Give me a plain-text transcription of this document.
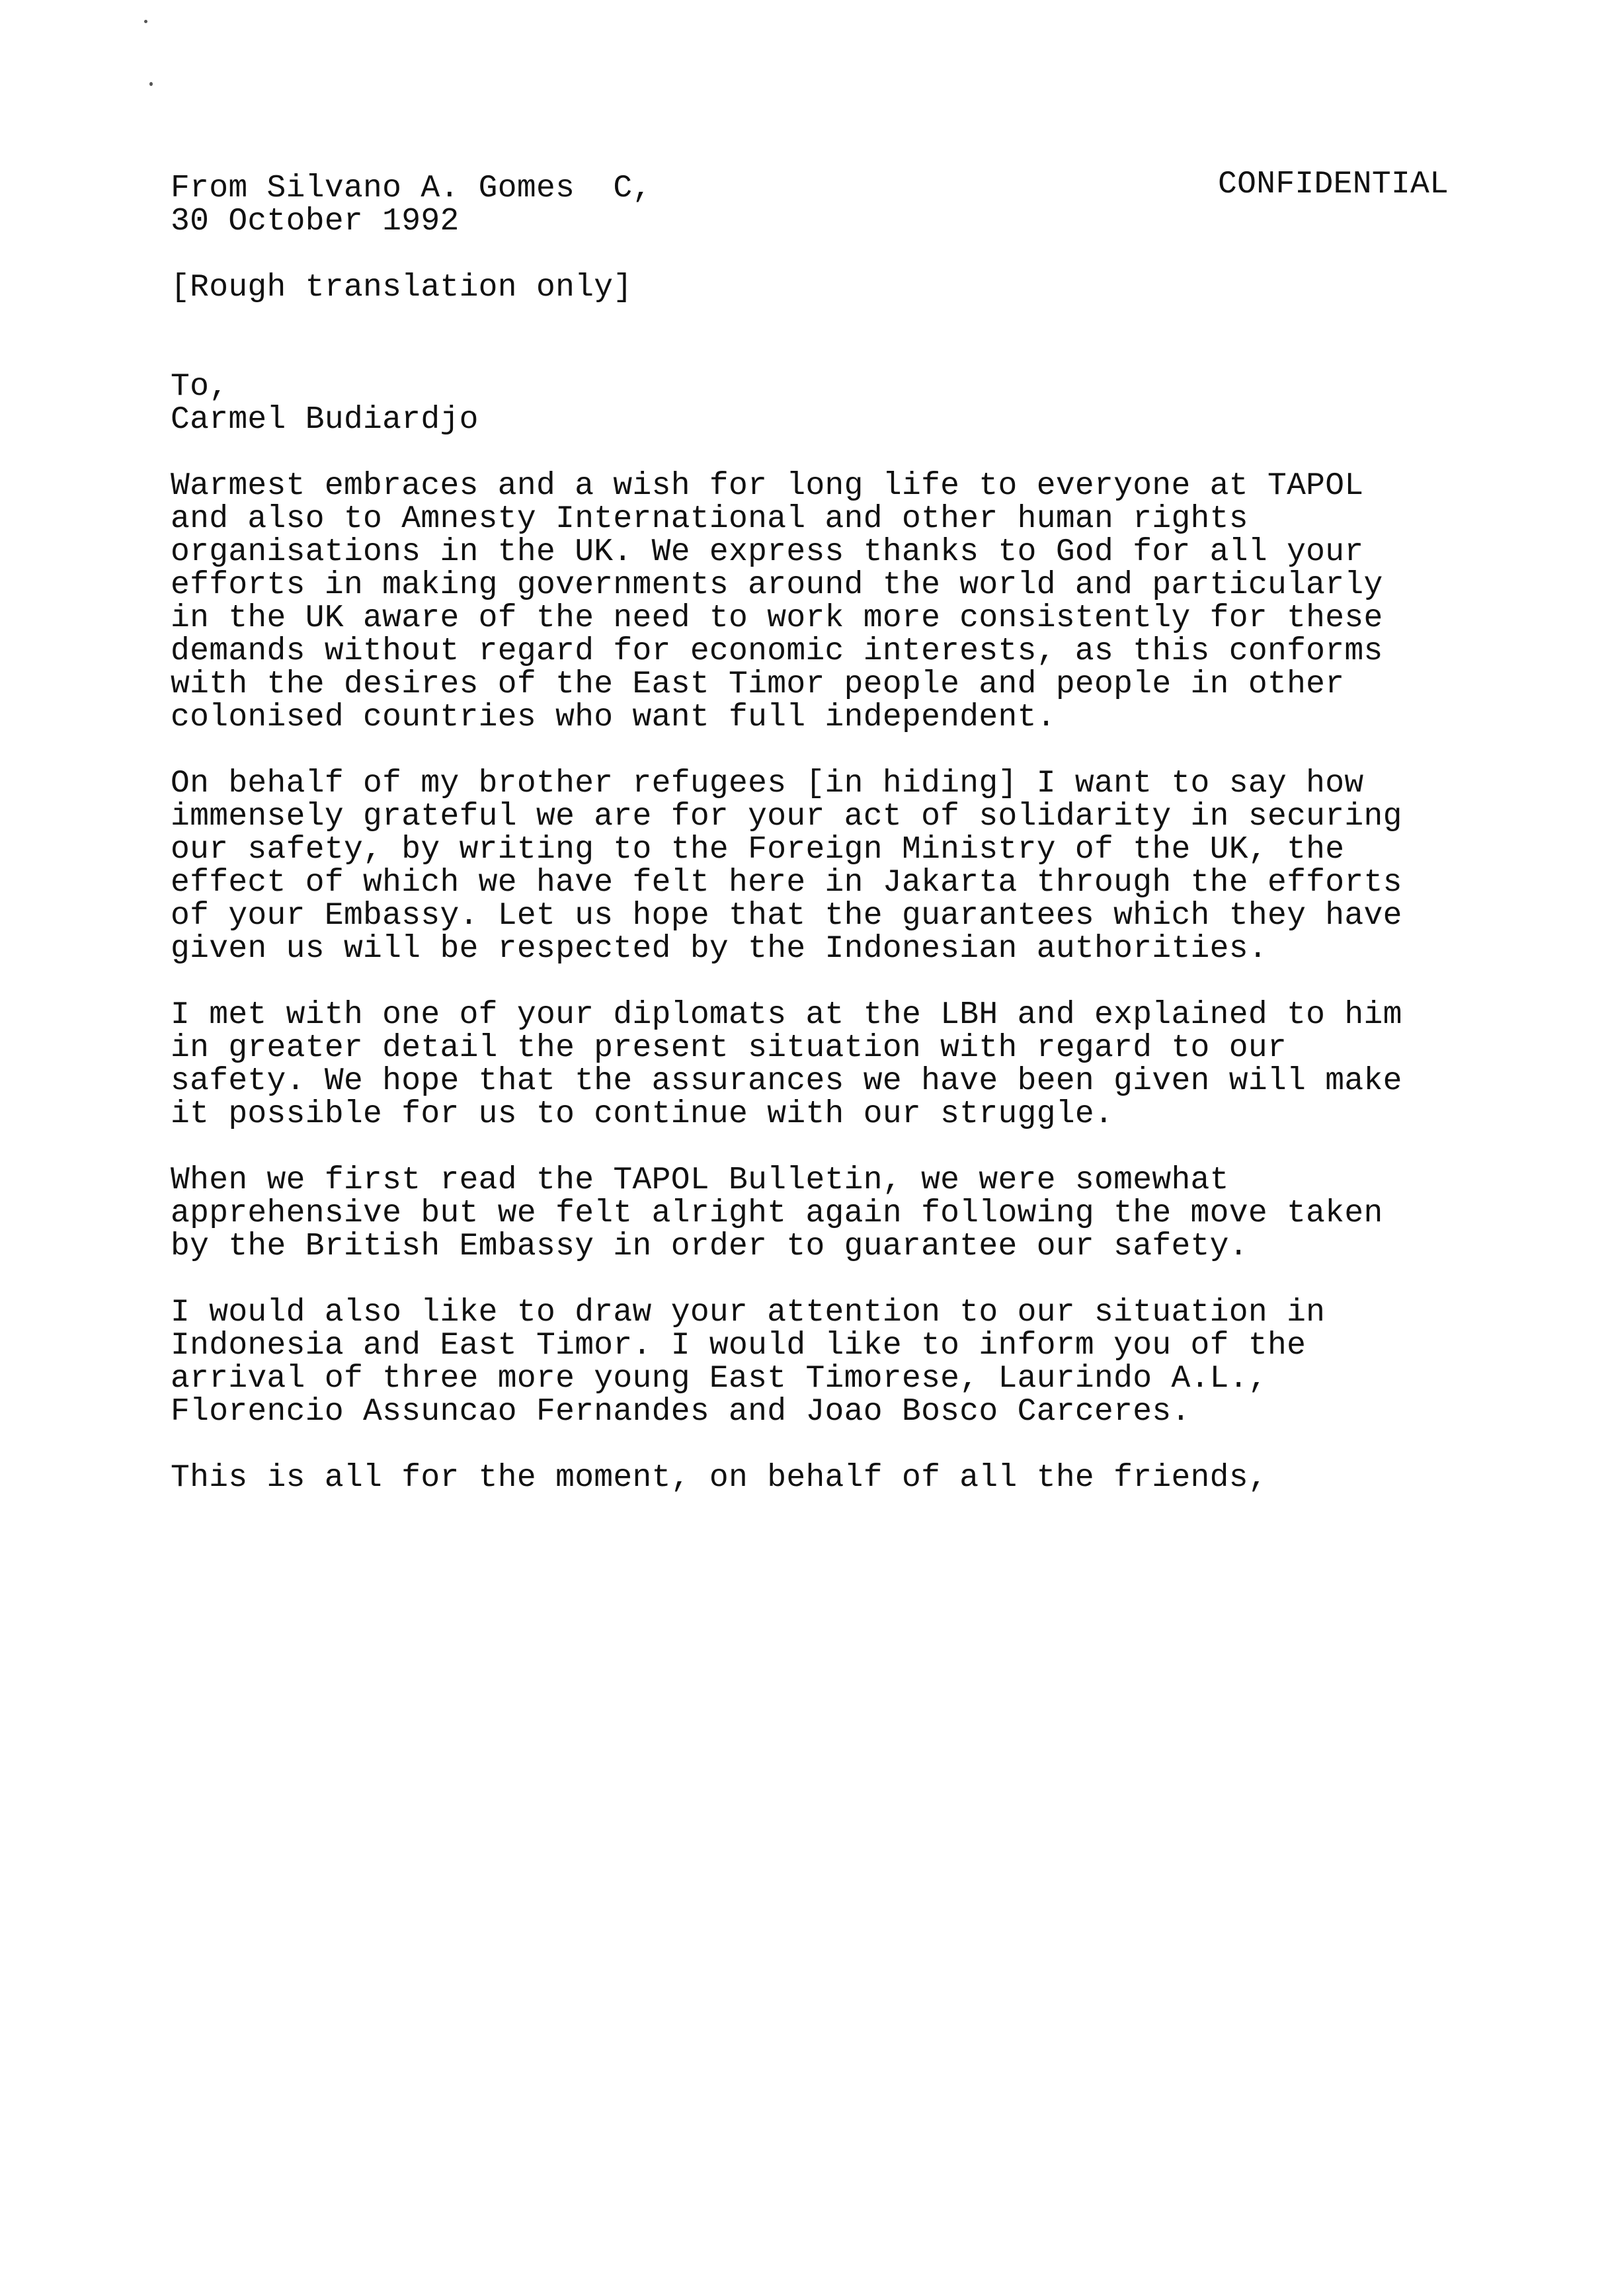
From Silvano A. Gomes  C,

30 October 1992

CONFIDENTIAL

[Rough translation only]

To,

Carmel Budiardjo

Warmest embraces and a wish for long life to everyone at TAPOL
and also to Amnesty International and other human rights
organisations in the UK. We express thanks to God for all your
efforts in making governments around the world and particularly
in the UK aware of the need to work more consistently for these
demands without regard for economic interests, as this conforms
with the desires of the East Timor people and people in other
colonised countries who want full independent.

On behalf of my brother refugees [in hiding] I want to say how
immensely grateful we are for your act of solidarity in securing
our safety, by writing to the Foreign Ministry of the UK, the
effect of which we have felt here in Jakarta through the efforts
of your Embassy. Let us hope that the guarantees which they have
given us will be respected by the Indonesian authorities.

I met with one of your diplomats at the LBH and explained to him
in greater detail the present situation with regard to our
safety. We hope that the assurances we have been given will make
it possible for us to continue with our struggle.

When we first read the TAPOL Bulletin, we were somewhat
apprehensive but we felt alright again following the move taken
by the British Embassy in order to guarantee our safety.

I would also like to draw your attention to our situation in
Indonesia and East Timor. I would like to inform you of the
arrival of three more young East Timorese, Laurindo A.L.,
Florencio Assuncao Fernandes and Joao Bosco Carceres.

This is all for the moment, on behalf of all the friends,
